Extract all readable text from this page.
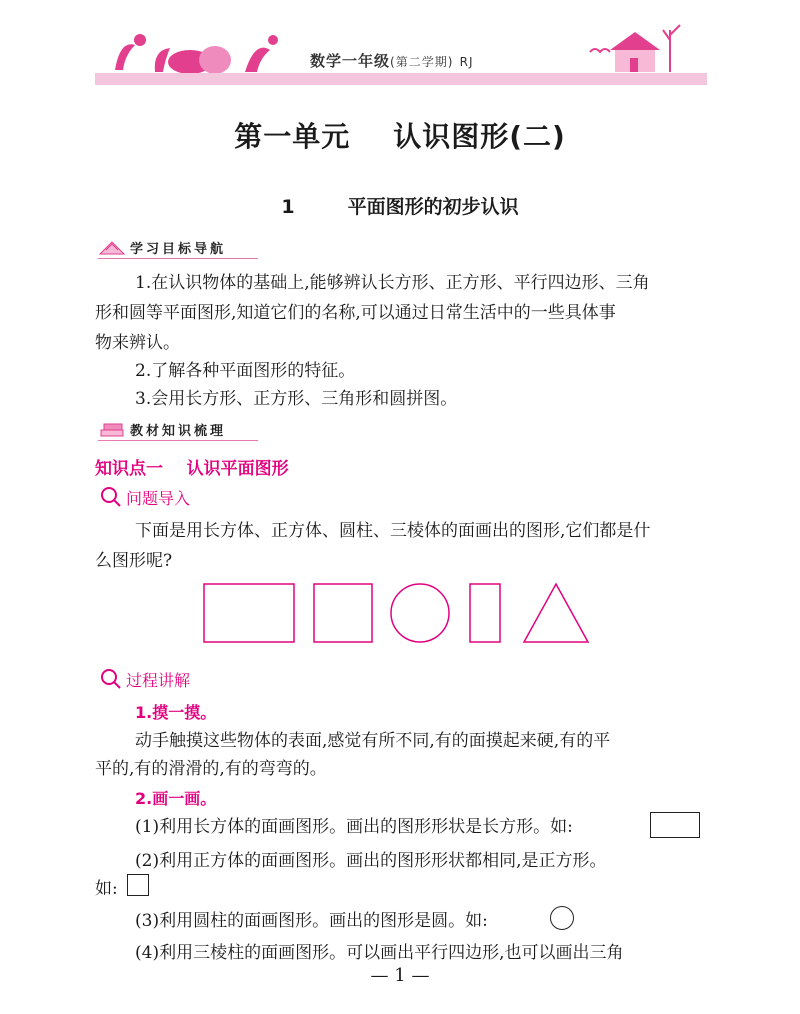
数学一年级(第二学期) RJ
第一单元    认识图形(二)
1	平面图形的初步认识
学习目标导航
1.在认识物体的基础上,能够辨认长方形、正方形、平行四边形、三角
形和圆等平面图形,知道它们的名称,可以通过日常生活中的一些具体事
物来辨认。
2.了解各种平面图形的特征。
3.会用长方形、正方形、三角形和圆拼图。
教材知识梳理
知识点一    认识平面图形
问题导入
下面是用长方体、正方体、圆柱、三棱体的面画出的图形,它们都是什
么图形呢?
过程讲解
1.摸一摸。
动手触摸这些物体的表面,感觉有所不同,有的面摸起来硬,有的平
平的,有的滑滑的,有的弯弯的。
2.画一画。
(1)利用长方体的面画图形。画出的图形形状是长方形。如:
(2)利用正方体的面画图形。画出的图形形状都相同,是正方形。
如:
(3)利用圆柱的面画图形。画出的图形是圆。如:
(4)利用三棱柱的面画图形。可以画出平行四边形,也可以画出三角
— 1 —
